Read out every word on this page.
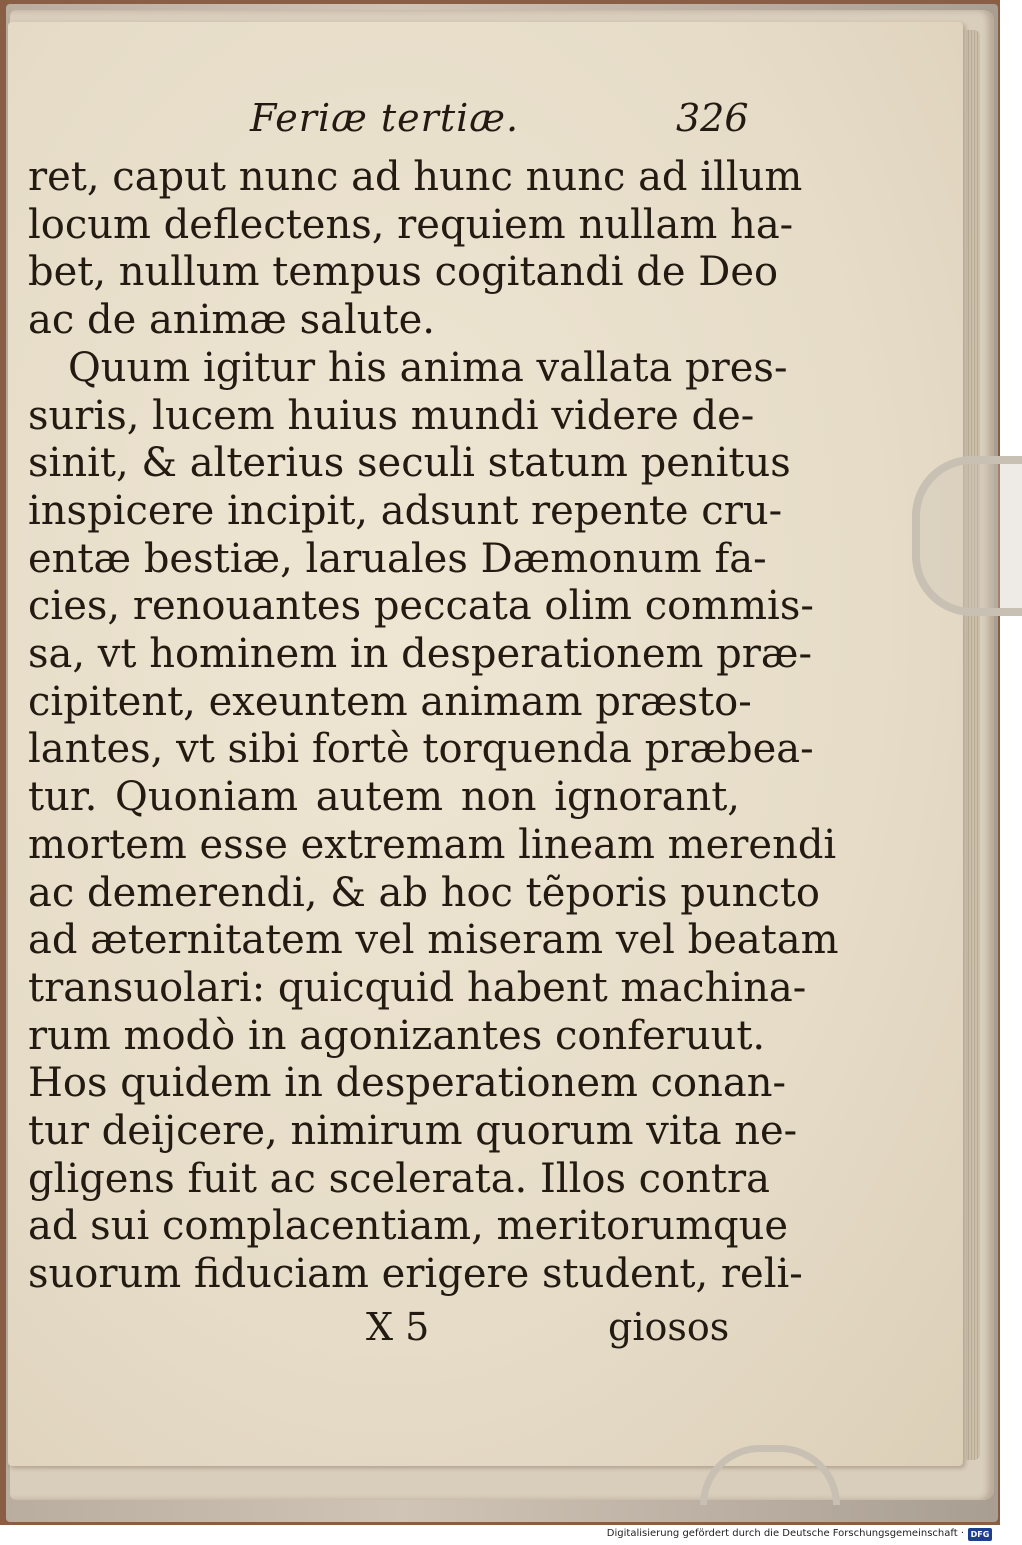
Feriæ tertiæ.	326
ret, caput nunc ad hunc nunc ad illum
locum deflectens, requiem nullam ha-
bet, nullum tempus cogitandi de Deo
ac de animæ salute.
Quum igitur his anima vallata pres-
suris, lucem huius mundi videre de-
sinit, & alterius seculi statum penitus
inspicere incipit, adsunt repente cru-
entæ bestiæ, laruales Dæmonum fa-
cies, renouantes peccata olim commis-
sa, vt hominem in desperationem præ-
cipitent, exeuntem animam præsto-
lantes, vt sibi fortè torquenda præbea-
tur. Quoniam autem non ignorant,
mortem esse extremam lineam merendi
ac demerendi, & ab hoc tẽporis puncto
ad æternitatem vel miseram vel beatam
transuolari: quicquid habent machina-
rum modò in agonizantes conferuut.
Hos quidem in desperationem conan-
tur deijcere, nimirum quorum vita ne-
gligens fuit ac scelerata. Illos contra
ad sui complacentiam, meritorumque
suorum fiduciam erigere student, reli-
X 5	giosos
Digitalisierung gefördert durch die Deutsche Forschungsgemeinschaft · DFG
